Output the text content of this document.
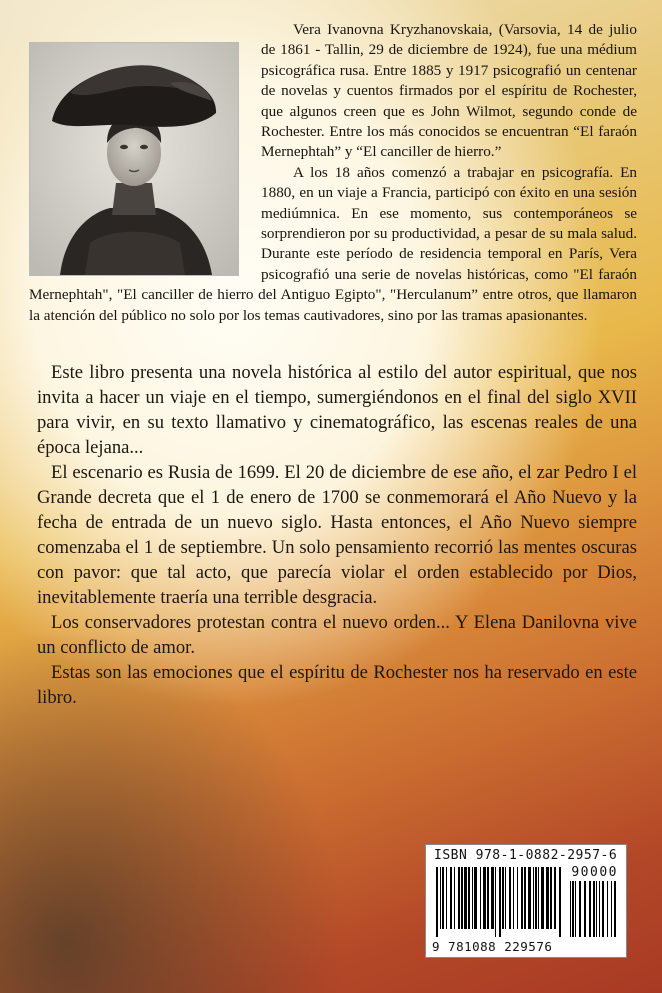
Vera Ivanovna Kryzhanovskaia, (Varsovia, 14 de julio de 1861 - Tallin, 29 de diciembre de 1924), fue una médium psicográfica rusa. Entre 1885 y 1917 psicografió un centenar de novelas y cuentos firmados por el espíritu de Rochester, que algunos creen que es John Wilmot, segundo conde de Rochester. Entre los más conocidos se encuentran “El faraón Mernephtah” y “El canciller de hierro.”

A los 18 años comenzó a trabajar en psicografía. En 1880, en un viaje a Francia, participó con éxito en una sesión mediúmnica. En ese momento, sus contemporáneos se sorprendieron por su productividad, a pesar de su mala salud. Durante este período de residencia temporal en París, Vera psicografió una serie de novelas históricas, como "El faraón Mernephtah", "El canciller de hierro del Antiguo Egipto", "Herculanum” entre otros, que llamaron la atención del público no solo por los temas cautivadores, sino por las tramas apasionantes.

Este libro presenta una novela histórica al estilo del autor espiritual, que nos invita a hacer un viaje en el tiempo, sumergiéndonos en el final del siglo XVII para vivir, en su texto llamativo y cinematográfico, las escenas reales de una época lejana...

El escenario es Rusia de 1699. El 20 de diciembre de ese año, el zar Pedro I el Grande decreta que el 1 de enero de 1700 se conmemorará el Año Nuevo y la fecha de entrada de un nuevo siglo. Hasta entonces, el Año Nuevo siempre comenzaba el 1 de septiembre. Un solo pensamiento recorrió las mentes oscuras con pavor: que tal acto, que parecía violar el orden establecido por Dios, inevitablemente traería una terrible desgracia.

Los conservadores protestan contra el nuevo orden... Y Elena Danilovna vive un conflicto de amor.

Estas son las emociones que el espíritu de Rochester nos ha reservado en este libro.

ISBN 978-1-0882-2957-6
90000
9 781088 229576
